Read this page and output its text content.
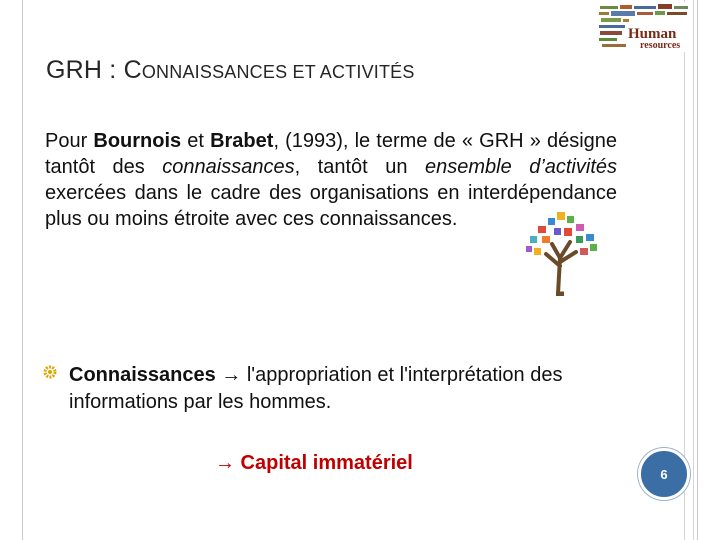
Human
resources
GRH : CONNAISSANCES ET ACTIVITÉS
Pour Bournois et Brabet, (1993), le terme de « GRH » désigne tantôt des connaissances, tantôt un ensemble d’activités exercées dans le cadre des organisations en interdépendance plus ou moins étroite avec ces connaissances.
Connaissances → l'appropriation et l'interprétation des informations par les hommes.
→ Capital immatériel	6
